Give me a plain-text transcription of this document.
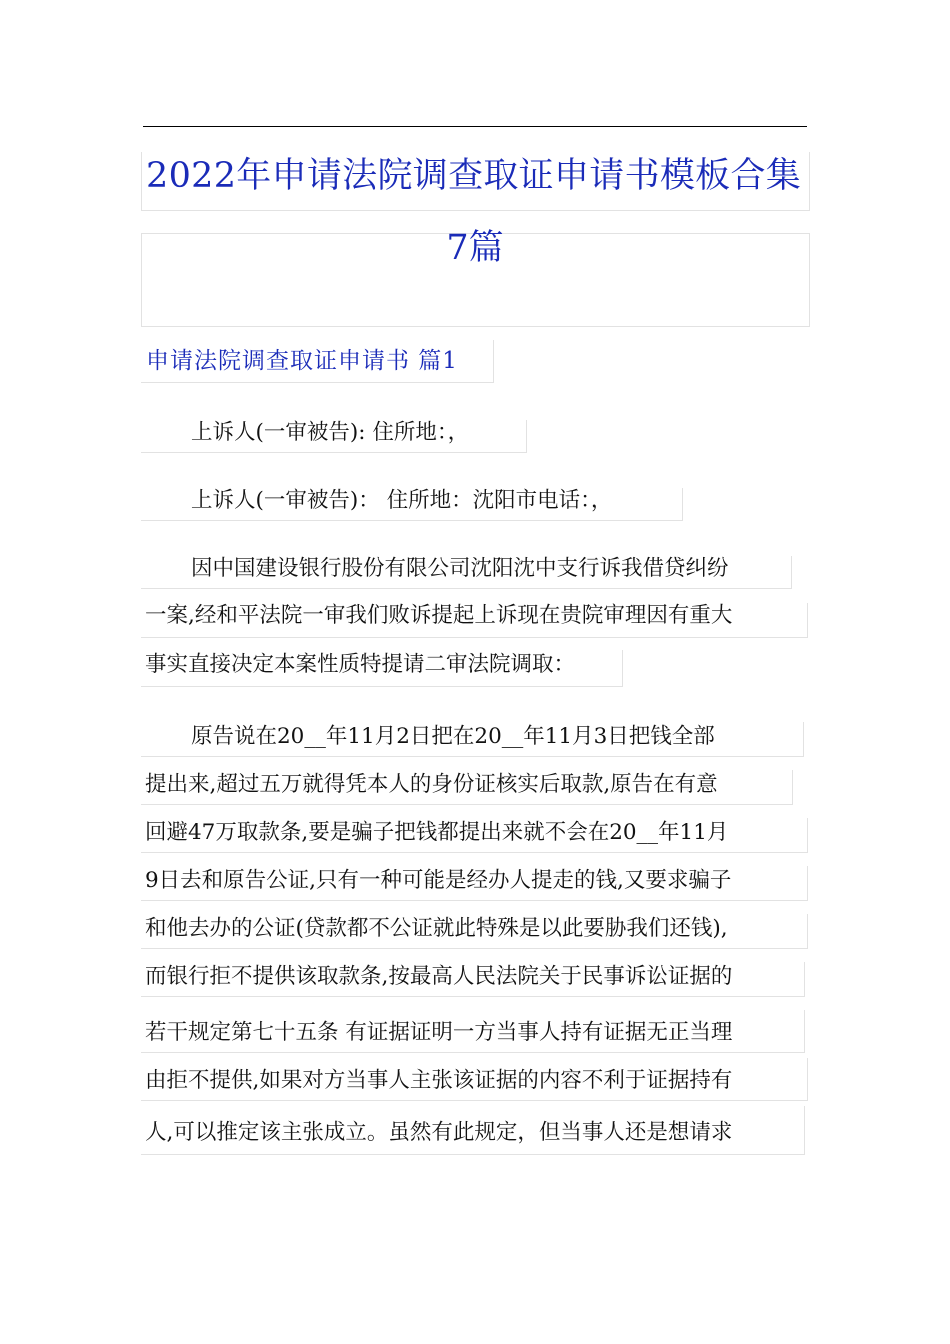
2022年申请法院调查取证申请书模板合集
7篇
申请法院调查取证申请书 篇1
上诉人(一审被告): 住所地：，
上诉人(一审被告)： 住所地：沈阳市电话：，
因中国建设银行股份有限公司沈阳沈中支行诉我借贷纠纷
一案,经和平法院一审我们败诉提起上诉现在贵院审理因有重大
事实直接决定本案性质特提请二审法院调取：
原告说在20__年11月2日把在20__年11月3日把钱全部
提出来,超过五万就得凭本人的身份证核实后取款,原告在有意
回避47万取款条,要是骗子把钱都提出来就不会在20__年11月
9日去和原告公证,只有一种可能是经办人提走的钱,又要求骗子
和他去办的公证(贷款都不公证就此特殊是以此要胁我们还钱),
而银行拒不提供该取款条,按最高人民法院关于民事诉讼证据的
若干规定第七十五条 有证据证明一方当事人持有证据无正当理
由拒不提供,如果对方当事人主张该证据的内容不利于证据持有
人,可以推定该主张成立。虽然有此规定，但当事人还是想请求
